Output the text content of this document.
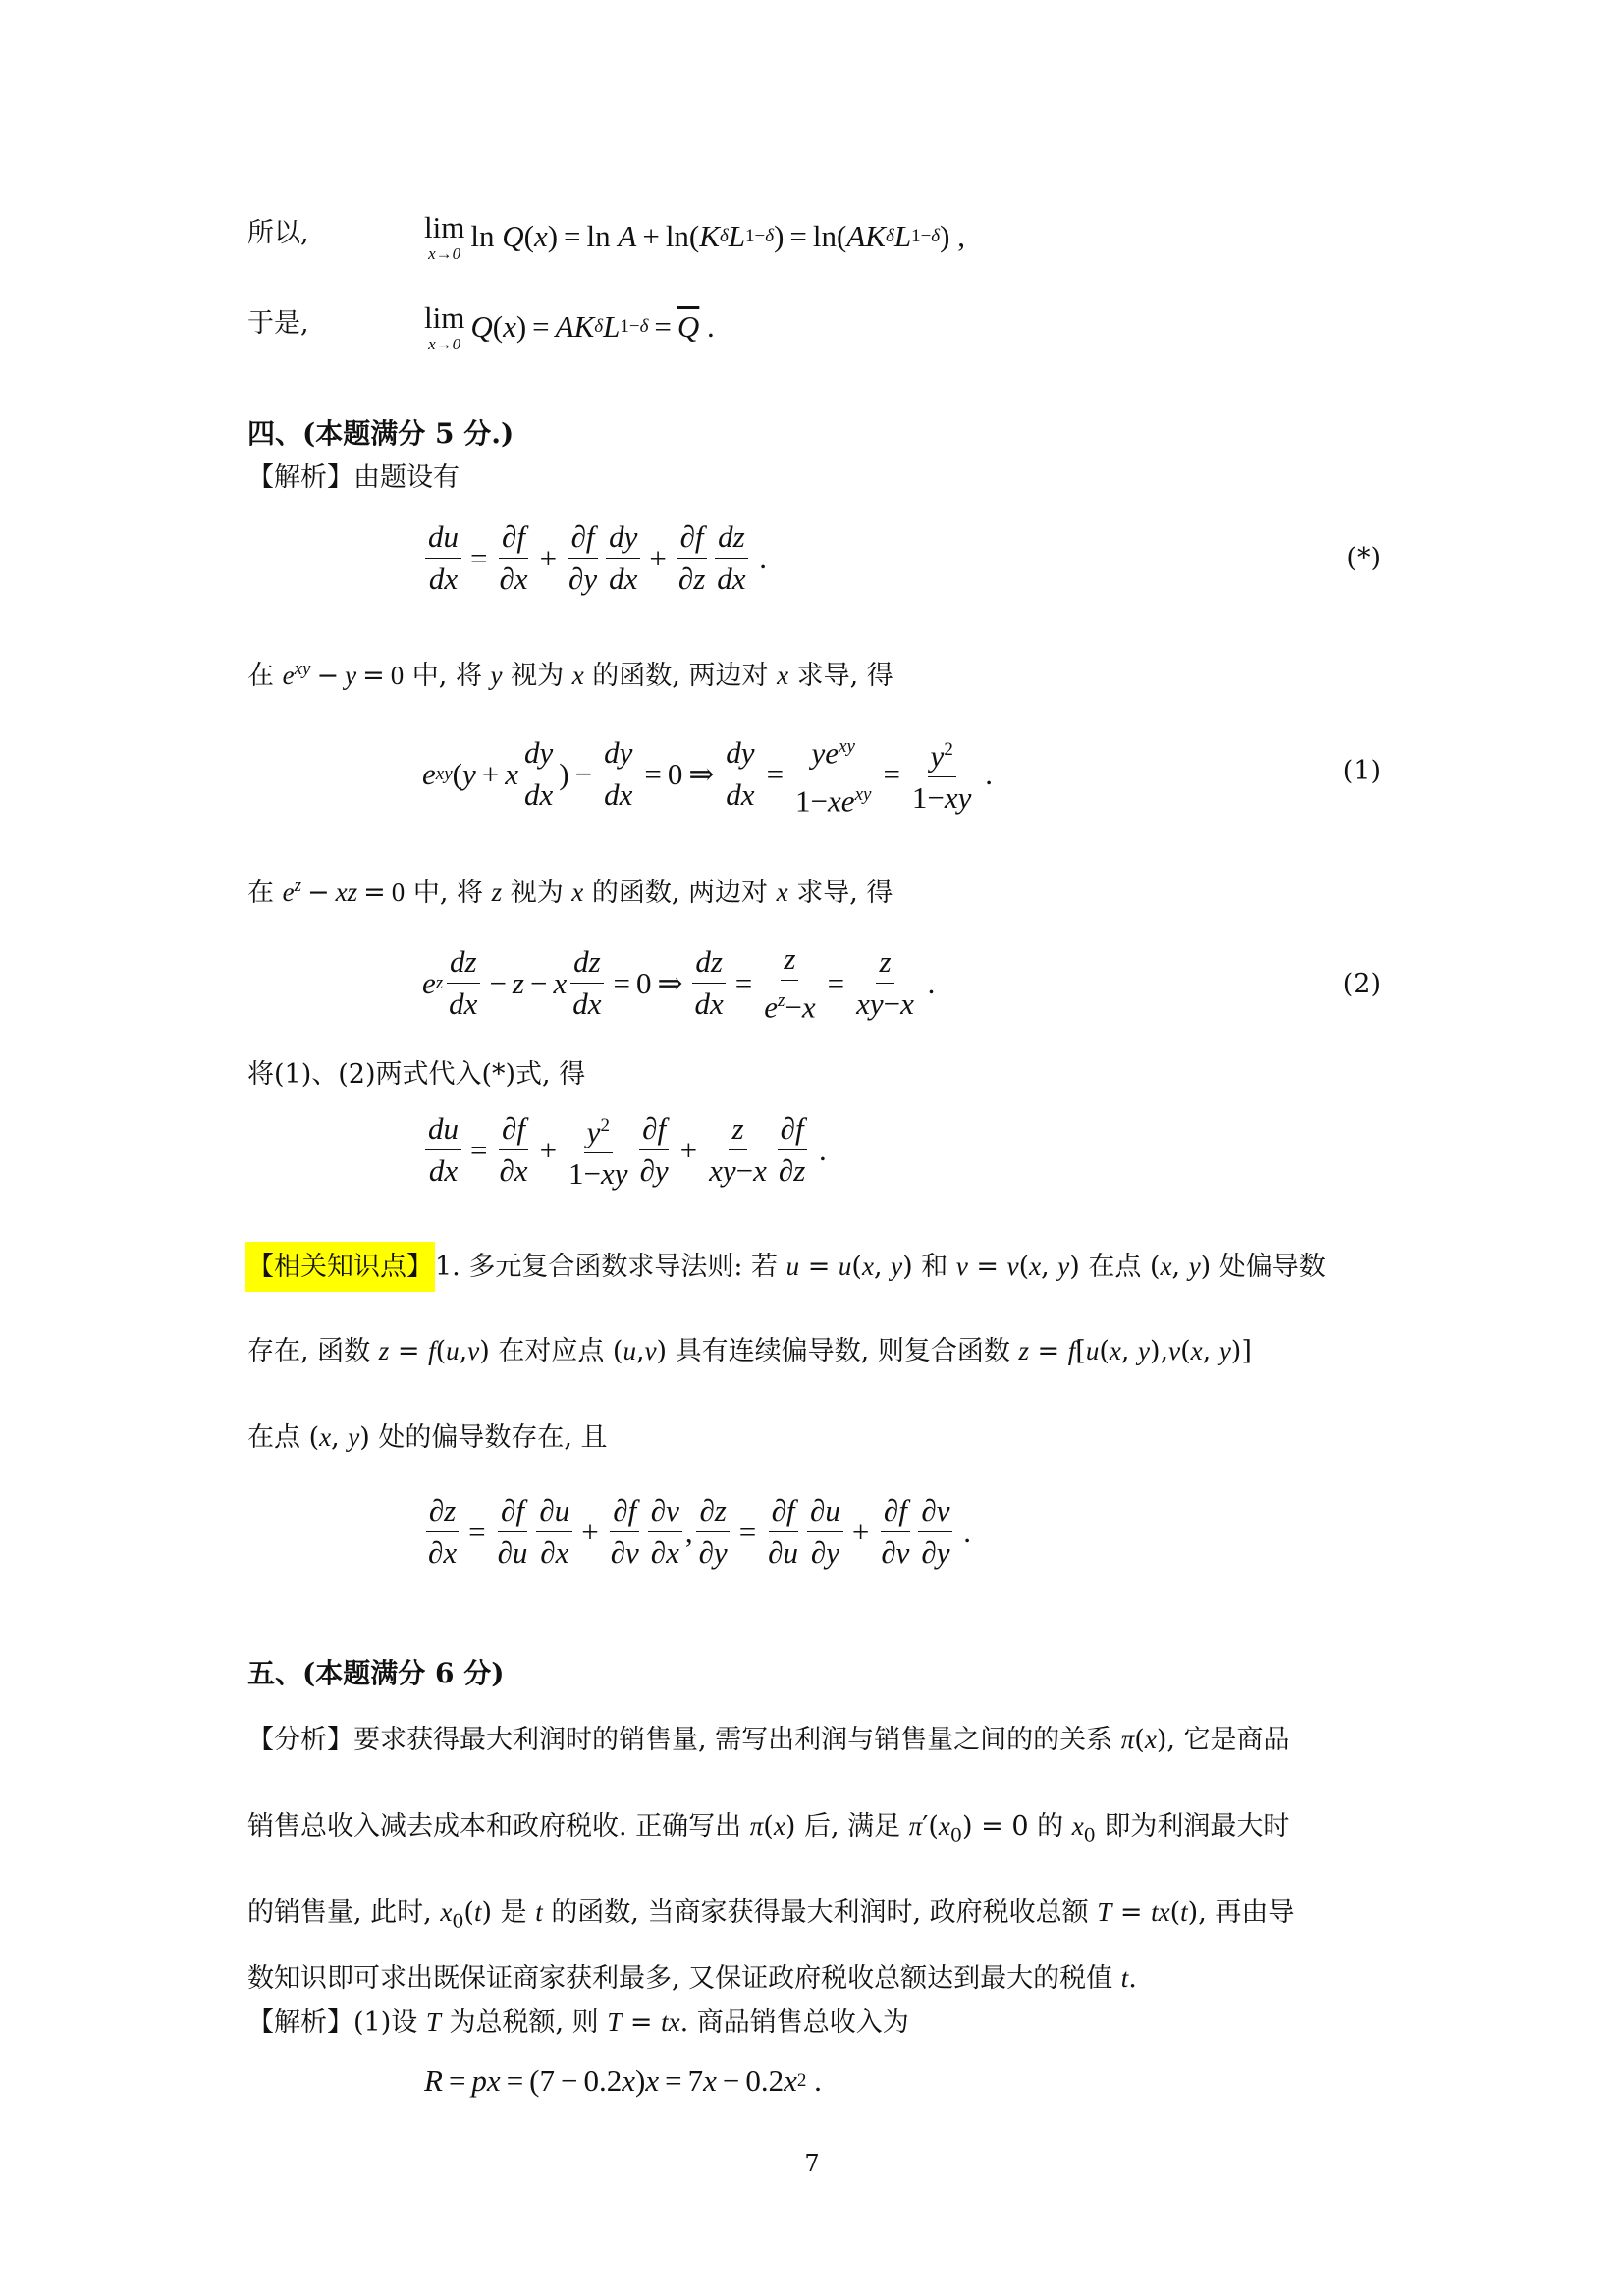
所以,	lim
x→0
ln Q ( x ) = ln A + ln( K δ L 1−δ ) = ln( AK δ L 1−δ ) ,
于是,	lim
x→0
Q ( x ) = AK δ L $1-\delta = \overline{Q}$ .
四、(本题满分 5 分.)
【解析】由题设有
$\frac{du}{dx} = \frac{\partial f}{\partial x} + \frac{\partial f}{\partial y} \frac{dy}{dx} + \frac{\partial f}{\partial z} \frac{dz}{dx}$ .	(*)
在 $e^{xy} - y = 0$ 中, 将 y 视为 x 的函数, 两边对 x 求导, 得
e xy ( y + x $\frac{dy}{dx}$ ) − $\frac{dy}{dx} = 0$ ⇒ $\frac{dy}{dx} = \frac{ye^{xy}}{1-xe^{xy}} = \frac{y^2}{1-xy}$ .	(1)
在 $e^z$ − xz = 0 中, 将 z 视为 x 的函数, 两边对 x 求导, 得
e z $\frac{dz}{dx} - z - x \frac{dz}{dx} = 0$ ⇒ $\frac{dz}{dx} = \frac{z}{e^z-x} = \frac{z}{xy-x}$ .	(2)
将(1)、(2)两式代入(*)式, 得
$\frac{du}{dx} = \frac{\partial f}{\partial x} + \frac{y^2}{1-xy} \frac{\partial f}{\partial y} + \frac{z}{xy-x} \frac{\partial f}{\partial z}$ .
【相关知识点】1. 多元复合函数求导法则: 若 u = u(x, y) 和 v = v(x, y) 在点 (x, y) 处偏导数
存在, 函数 z = f(u,v) 在对应点 (u,v) 具有连续偏导数, 则复合函数 z = f[u(x, y),v(x, y)]
在点 (x, y) 处的偏导数存在, 且
$\frac{\partial z}{\partial x} = \frac{\partial f}{\partial u} \frac{\partial u}{\partial x} + \frac{\partial f}{\partial v} \frac{\partial v}{\partial x}$ , $\frac{\partial z}{\partial y} = \frac{\partial f}{\partial u} \frac{\partial u}{\partial y} + \frac{\partial f}{\partial v} \frac{\partial v}{\partial y}$ .
五、(本题满分 6 分)
【分析】要求获得最大利润时的销售量, 需写出利润与销售量之间的的关系 π(x), 它是商品
销售总收入减去成本和政府税收. 正确写出 π(x) 后, 满足 $\pi'(x_0) = 0$ 的 $x_0$ 即为利润最大时
的销售量, 此时, $x_0(t)$ 是 t 的函数, 当商家获得最大利润时, 政府税收总额 T = tx(t), 再由导
数知识即可求出既保证商家获利最多, 又保证政府税收总额达到最大的税值 t.
【解析】(1)设 T 为总税额, 则 T = tx. 商品销售总收入为
R = px = (7 − 0.2 x ) x = 7 x − 0.2 x 2 .
7
